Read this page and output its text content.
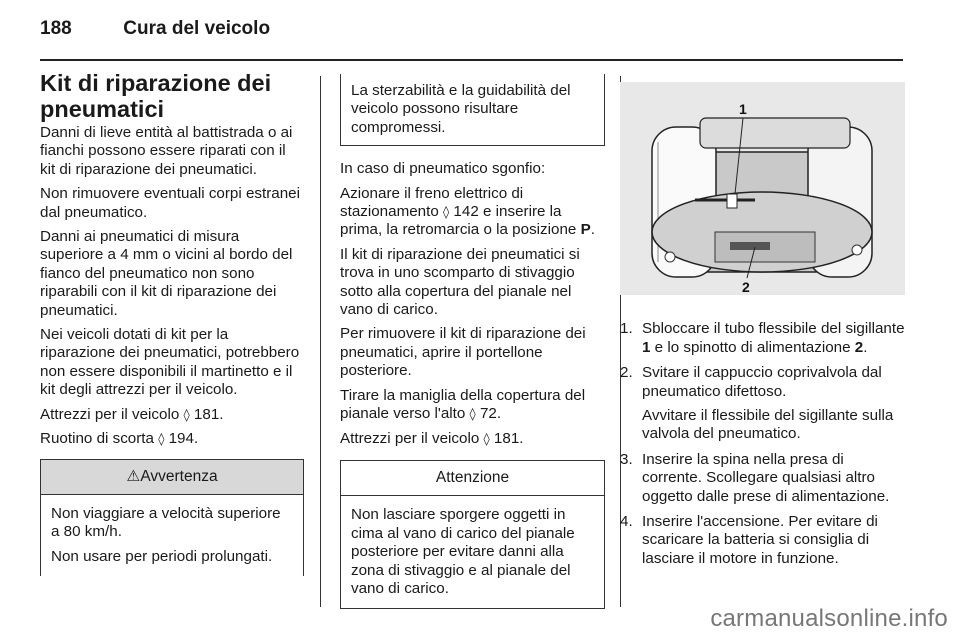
188	Cura del veicolo
Kit di riparazione dei pneumatici

Danni di lieve entità al battistrada o ai fianchi possono essere riparati con il kit di riparazione dei pneumatici.

Non rimuovere eventuali corpi estranei dal pneumatico.

Danni ai pneumatici di misura superiore a 4 mm o vicini al bordo del fianco del pneumatico non sono riparabili con il kit di riparazione dei pneumatici.

Nei veicoli dotati di kit per la riparazione dei pneumatici, potrebbero non essere disponibili il martinetto e il kit degli attrezzi per il veicolo.

Attrezzi per il veicolo ◊ 181.

Ruotino di scorta ◊ 194.

⚠Avvertenza

Non viaggiare a velocità superiore a 80 km/h.

Non usare per periodi prolungati.

La sterzabilità e la guidabilità del veicolo possono risultare compromessi.

In caso di pneumatico sgonfio:

Azionare il freno elettrico di stazionamento ◊ 142 e inserire la prima, la retromarcia o la posizione P.

Il kit di riparazione dei pneumatici si trova in uno scomparto di stivaggio sotto alla copertura del pianale nel vano di carico.

Per rimuovere il kit di riparazione dei pneumatici, aprire il portellone posteriore.

Tirare la maniglia della copertura del pianale verso l'alto ◊ 72.

Attrezzi per il veicolo ◊ 181.

Attenzione

Non lasciare sporgere oggetti in cima al vano di carico del pianale posteriore per evitare danni alla zona di stivaggio e al pianale del vano di carico.

1
2
1. Sbloccare il tubo flessibile del sigillante 1 e lo spinotto di alimentazione 2.
2. Svitare il cappuccio coprivalvola dal pneumatico difettoso.

Avvitare il flessibile del sigillante sulla valvola del pneumatico.

3. Inserire la spina nella presa di corrente. Scollegare qualsiasi altro oggetto dalle prese di alimentazione.

4. Inserire l'accensione. Per evitare di scaricare la batteria si consiglia di lasciare il motore in funzione.

carmanualsonline.info
